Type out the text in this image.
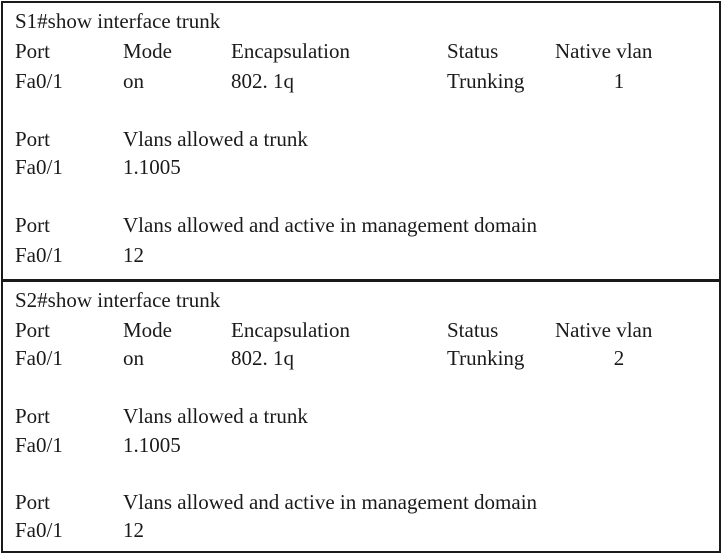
S1#show interface trunk
Port	Mode	Encapsulation	Status	Native vlan
Fa0/1	on	802. 1q	Trunking	1
Port	Vlans allowed a trunk
Fa0/1	1.1005
Port	Vlans allowed and active in management domain
Fa0/1	12
S2#show interface trunk
Port	Mode	Encapsulation	Status	Native vlan
Fa0/1	on	802. 1q	Trunking	2
Port	Vlans allowed a trunk
Fa0/1	1.1005
Port	Vlans allowed and active in management domain
Fa0/1	12
